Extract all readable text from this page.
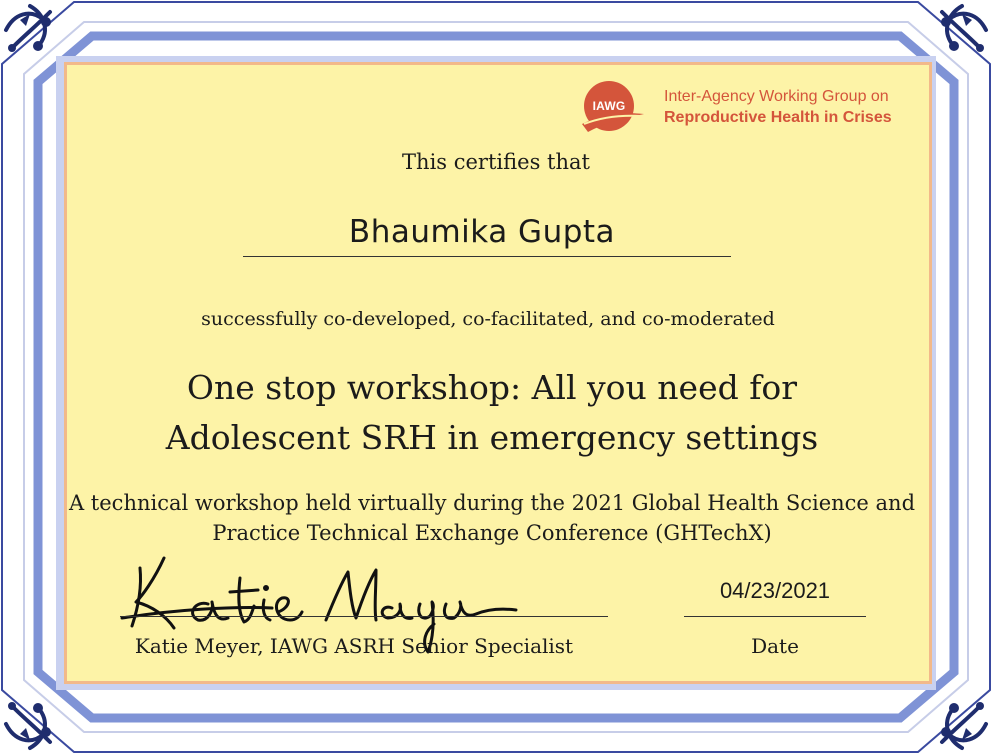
IAWG
Inter-Agency Working Group on
Reproductive Health in Crises
This certifies that
Bhaumika Gupta
successfully co-developed, co-facilitated, and co-moderated
One stop workshop: All you need for
Adolescent SRH in emergency settings
A technical workshop held virtually during the 2021 Global Health Science and
Practice Technical Exchange Conference (GHTechX)
04/23/2021
Katie Meyer, IAWG ASRH Senior Specialist	Date
